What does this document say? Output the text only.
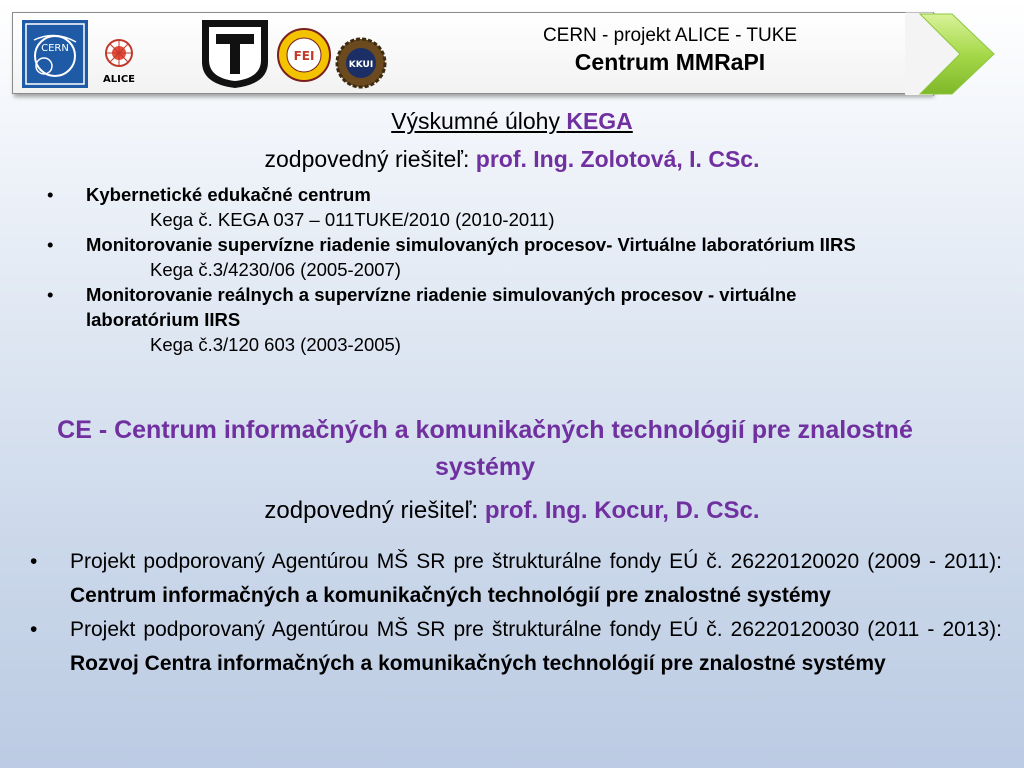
CERN
ALICE
FEI
KKUI
CERN - projekt ALICE - TUKE
Centrum MMRaPI
Výskumné úlohy KEGA
zodpovedný riešiteľ: prof. Ing. Zolotová, I. CSc.
• Kybernetické edukačné centrum
Kega č. KEGA 037 – 011TUKE/2010 (2010-2011)
• Monitorovanie supervízne riadenie simulovaných procesov- Virtuálne laboratórium IIRS
Kega č.3/4230/06 (2005-2007)
• Monitorovanie reálnych a supervízne riadenie simulovaných procesov - virtuálne laboratórium IIRS
Kega č.3/120 603 (2003-2005)
CE - Centrum informačných a komunikačných technológií pre znalostné systémy
zodpovedný riešiteľ: prof. Ing. Kocur, D. CSc.
• Projekt podporovaný Agentúrou MŠ SR pre štrukturálne fondy EÚ č. 26220120020 (2009 - 2011): Centrum informačných a komunikačných technológií pre znalostné systémy
• Projekt podporovaný Agentúrou MŠ SR pre štrukturálne fondy EÚ č. 26220120030 (2011 - 2013): Rozvoj Centra informačných a komunikačných technológií pre znalostné systémy
